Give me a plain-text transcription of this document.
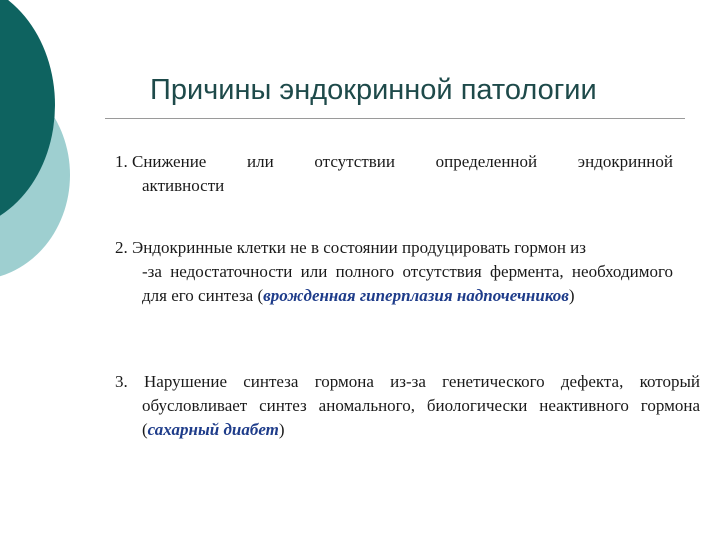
Причины эндокринной патологии
1. Снижение или отсутствии определенной эндокринной
активности
2. Эндокринные клетки не в состоянии продуцировать гормон из
-за недостаточности или полного отсутствия фермента, необходимого для его синтеза (врожденная гиперплазия надпочечников)
3. Нарушение синтеза гормона из-за генетического дефекта, который обусловливает синтез аномального, биологически неактивного гормона (сахарный диабет)
